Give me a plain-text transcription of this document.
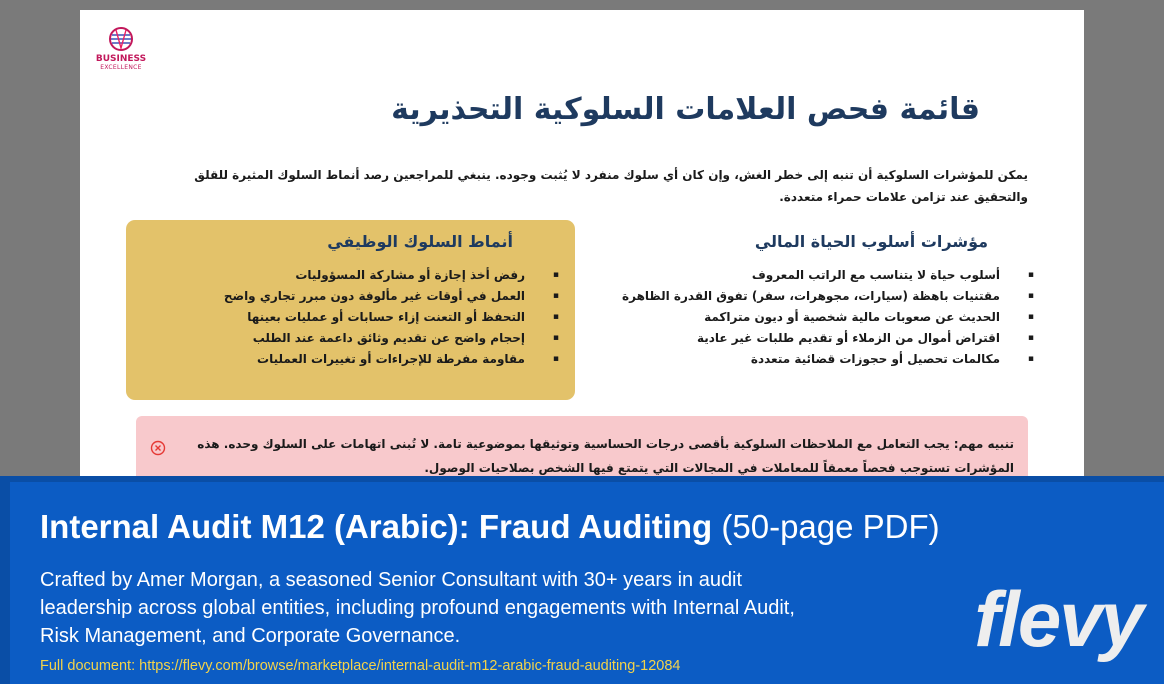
BUSINESS
EXCELLENCE
قائمة فحص العلامات السلوكية التحذيرية
يمكن للمؤشرات السلوكية أن تنبه إلى خطر الغش، وإن كان أي سلوك منفرد لا يُثبت وجوده. ينبغي للمراجعين رصد أنماط السلوك المثيرة للقلق والتحقيق عند تزامن علامات حمراء متعددة.
مؤشرات أسلوب الحياة المالي
▪ أسلوب حياة لا يتناسب مع الراتب المعروف
▪ مقتنيات باهظة (سيارات، مجوهرات، سفر) تفوق القدرة الظاهرة
▪ الحديث عن صعوبات مالية شخصية أو ديون متراكمة
▪ اقتراض أموال من الزملاء أو تقديم طلبات غير عادية
▪ مكالمات تحصيل أو حجوزات قضائية متعددة
أنماط السلوك الوظيفي
▪ رفض أخذ إجازة أو مشاركة المسؤوليات
▪ العمل في أوقات غير مألوفة دون مبرر تجاري واضح
▪ التحفظ أو التعنت إزاء حسابات أو عمليات بعينها
▪ إحجام واضح عن تقديم وثائق داعمة عند الطلب
▪ مقاومة مفرطة للإجراءات أو تغييرات العمليات
تنبيه مهم: يجب التعامل مع الملاحظات السلوكية بأقصى درجات الحساسية وتوثيقها بموضوعية تامة. لا تُبنى اتهامات على السلوك وحده. هذه المؤشرات تستوجب فحصاً معمقاً للمعاملات في المجالات التي يتمتع فيها الشخص بصلاحيات الوصول.
Internal Audit M12 (Arabic): Fraud Auditing (50-page PDF)
Crafted by Amer Morgan, a seasoned Senior Consultant with 30+ years in audit leadership across global entities, including profound engagements with Internal Audit, Risk Management, and Corporate Governance.
Full document: https://flevy.com/browse/marketplace/internal-audit-m12-arabic-fraud-auditing-12084
flevy
